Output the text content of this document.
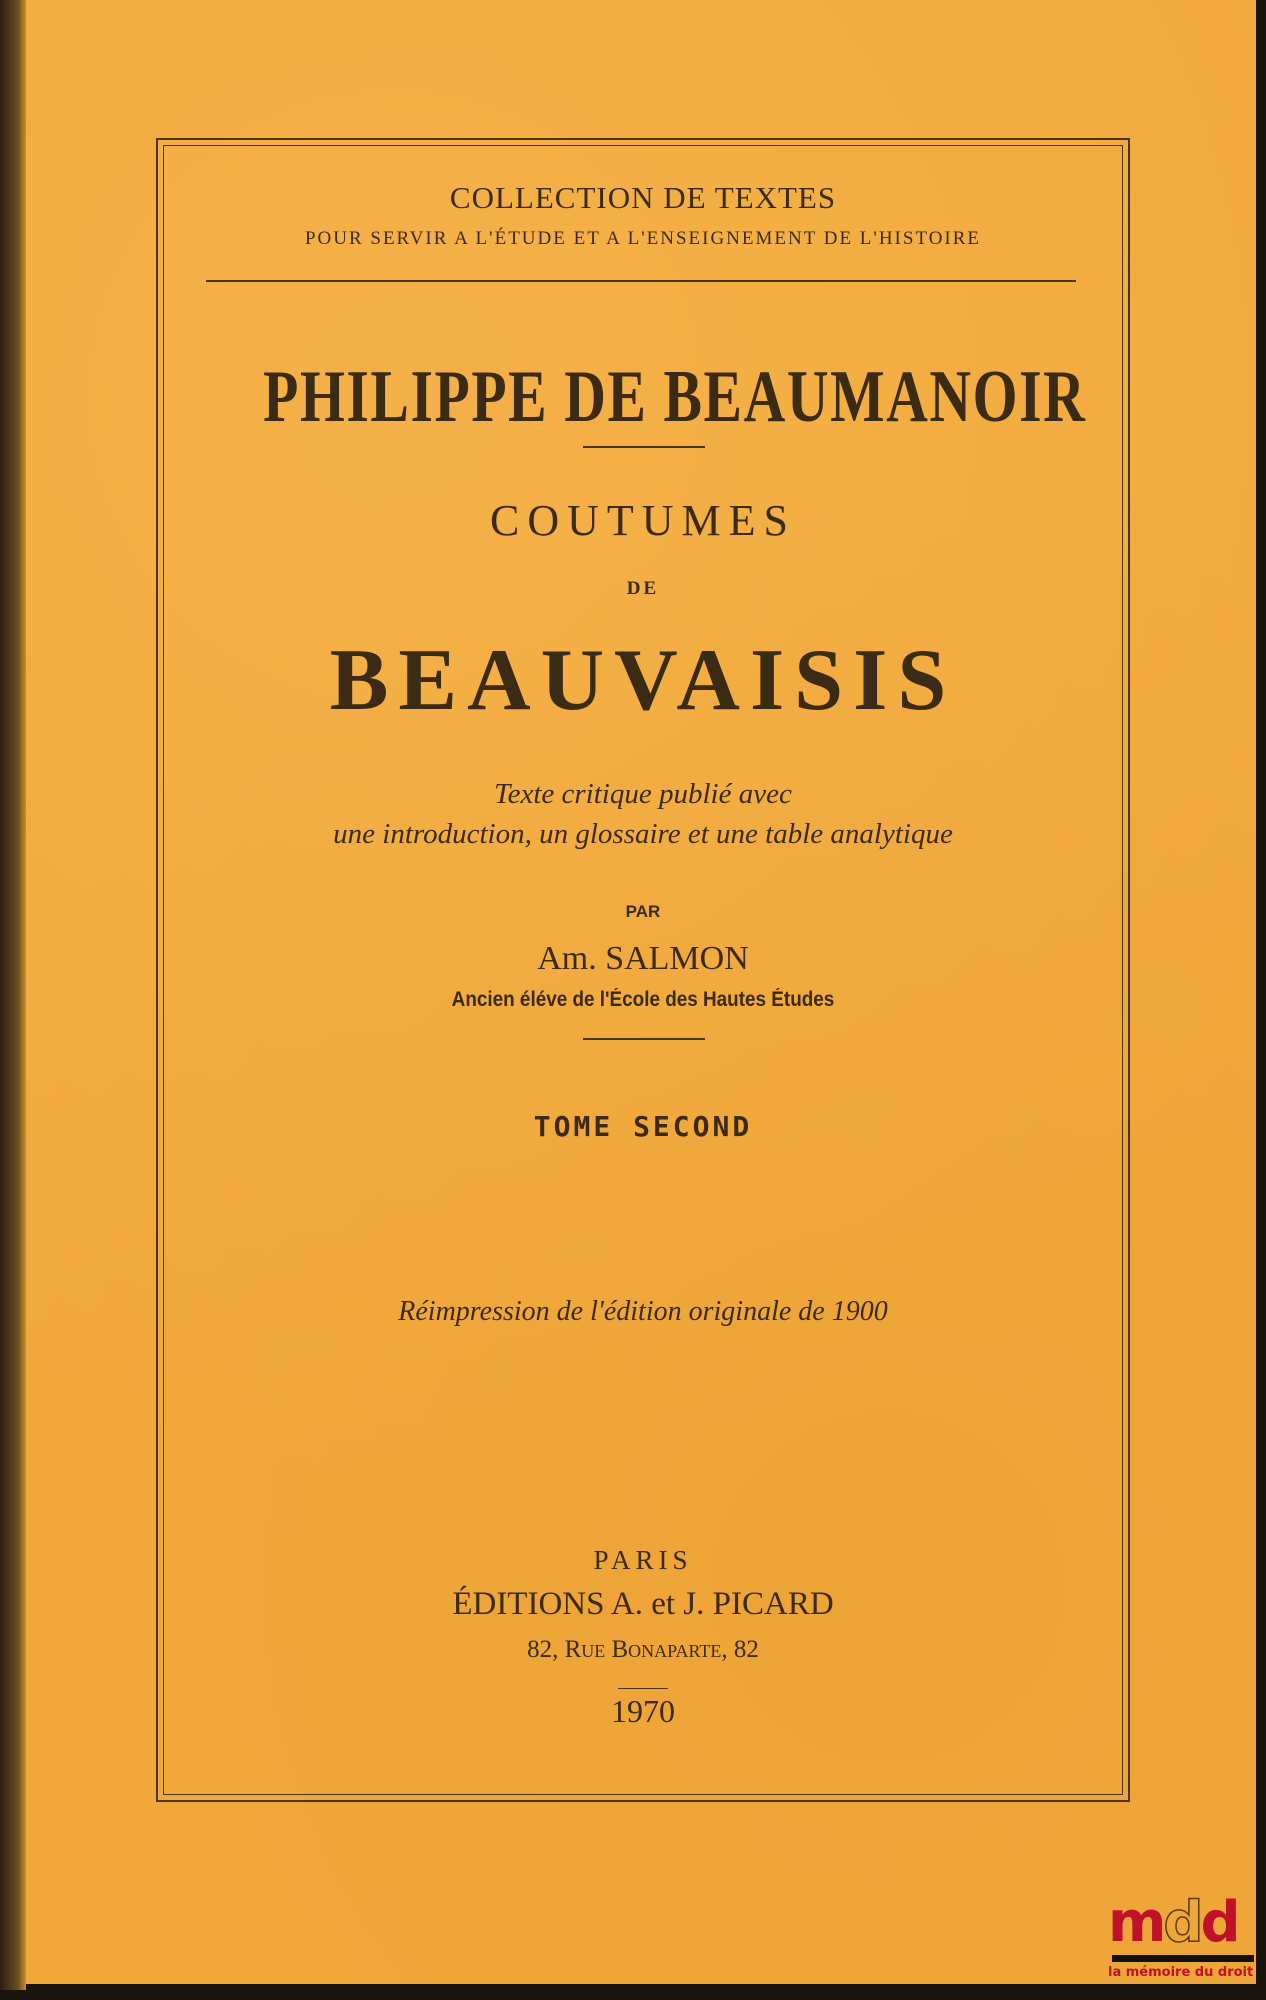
COLLECTION DE TEXTES
POUR SERVIR A L'ÉTUDE ET A L'ENSEIGNEMENT DE L'HISTOIRE
PHILIPPE DE BEAUMANOIR
COUTUMES
DE
BEAUVAISIS
Texte critique publié avec
une introduction, un glossaire et une table analytique
PAR
Am. SALMON
Ancien éléve de l'École des Hautes Études
TOME SECOND
Réimpression de l'édition originale de 1900
PARIS
ÉDITIONS A. et J. PICARD
82, Rue Bonaparte, 82
1970
mdd
la mémoire du droit
